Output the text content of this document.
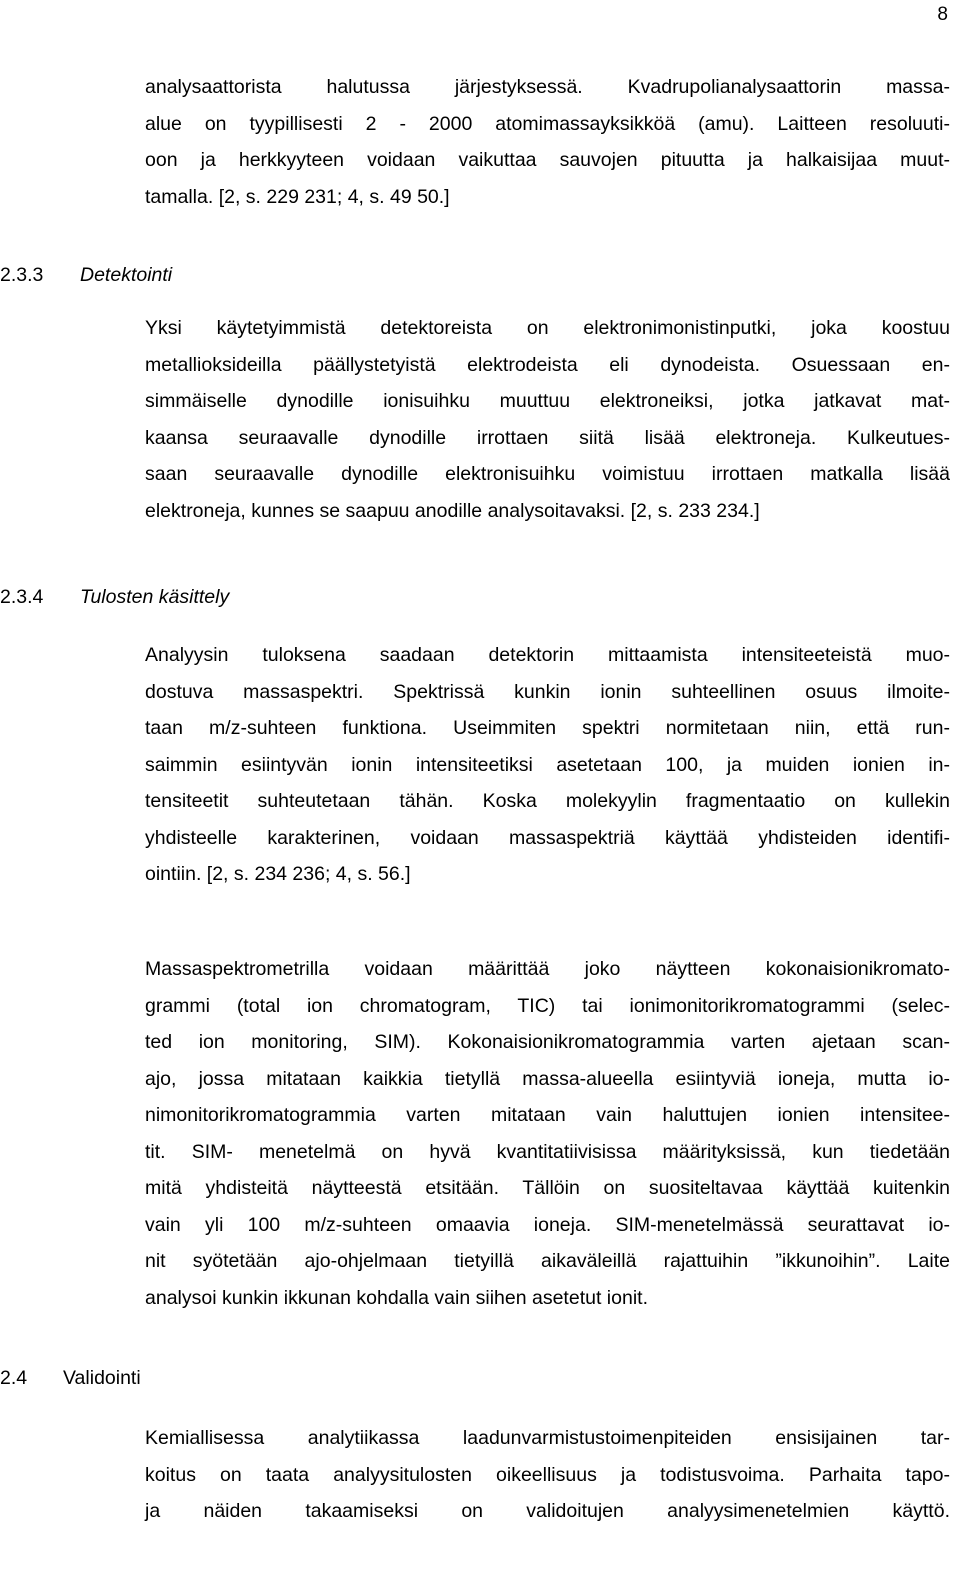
8
analysaattorista halutussa järjestyksessä. Kvadrupolianalysaattorin massa-
alue on tyypillisesti 2 - 2000 atomimassayksikköä (amu). Laitteen resoluuti-
oon ja herkkyyteen voidaan vaikuttaa sauvojen pituutta ja halkaisijaa muut-
tamalla. [2, s. 229 231; 4, s. 49 50.]
2.3.3 Detektointi
Yksi käytetyimmistä detektoreista on elektronimonistinputki, joka koostuu
metallioksideilla päällystetyistä elektrodeista eli dynodeista. Osuessaan en-
simmäiselle dynodille ionisuihku muuttuu elektroneiksi, jotka jatkavat mat-
kaansa seuraavalle dynodille irrottaen siitä lisää elektroneja. Kulkeutues-
saan seuraavalle dynodille elektronisuihku voimistuu irrottaen matkalla lisää
elektroneja, kunnes se saapuu anodille analysoitavaksi. [2, s. 233 234.]
2.3.4 Tulosten käsittely
Analyysin tuloksena saadaan detektorin mittaamista intensiteeteistä muo-
dostuva massaspektri. Spektrissä kunkin ionin suhteellinen osuus ilmoite-
taan m/z-suhteen funktiona. Useimmiten spektri normitetaan niin, että run-
saimmin esiintyvän ionin intensiteetiksi asetetaan 100, ja muiden ionien in-
tensiteetit suhteutetaan tähän. Koska molekyylin fragmentaatio on kullekin
yhdisteelle karakterinen, voidaan massaspektriä käyttää yhdisteiden identifi-
ointiin. [2, s. 234 236; 4, s. 56.]
Massaspektrometrilla voidaan määrittää joko näytteen kokonaisionikromato-
grammi (total ion chromatogram, TIC) tai ionimonitorikromatogrammi (selec-
ted ion monitoring, SIM). Kokonaisionikromatogrammia varten ajetaan scan-
ajo, jossa mitataan kaikkia tietyllä massa-alueella esiintyviä ioneja, mutta io-
nimonitorikromatogrammia varten mitataan vain haluttujen ionien intensitee-
tit. SIM- menetelmä on hyvä kvantitatiivisissa määrityksissä, kun tiedetään
mitä yhdisteitä näytteestä etsitään. Tällöin on suositeltavaa käyttää kuitenkin
vain yli 100 m/z-suhteen omaavia ioneja. SIM-menetelmässä seurattavat io-
nit syötetään ajo-ohjelmaan tietyillä aikaväleillä rajattuihin ”ikkunoihin”. Laite
analysoi kunkin ikkunan kohdalla vain siihen asetetut ionit.
2.4 Validointi
Kemiallisessa analytiikassa laadunvarmistustoimenpiteiden ensisijainen tar-
koitus on taata analyysitulosten oikeellisuus ja todistusvoima. Parhaita tapo-
ja näiden takaamiseksi on validoitujen analyysimenetelmien käyttö.
